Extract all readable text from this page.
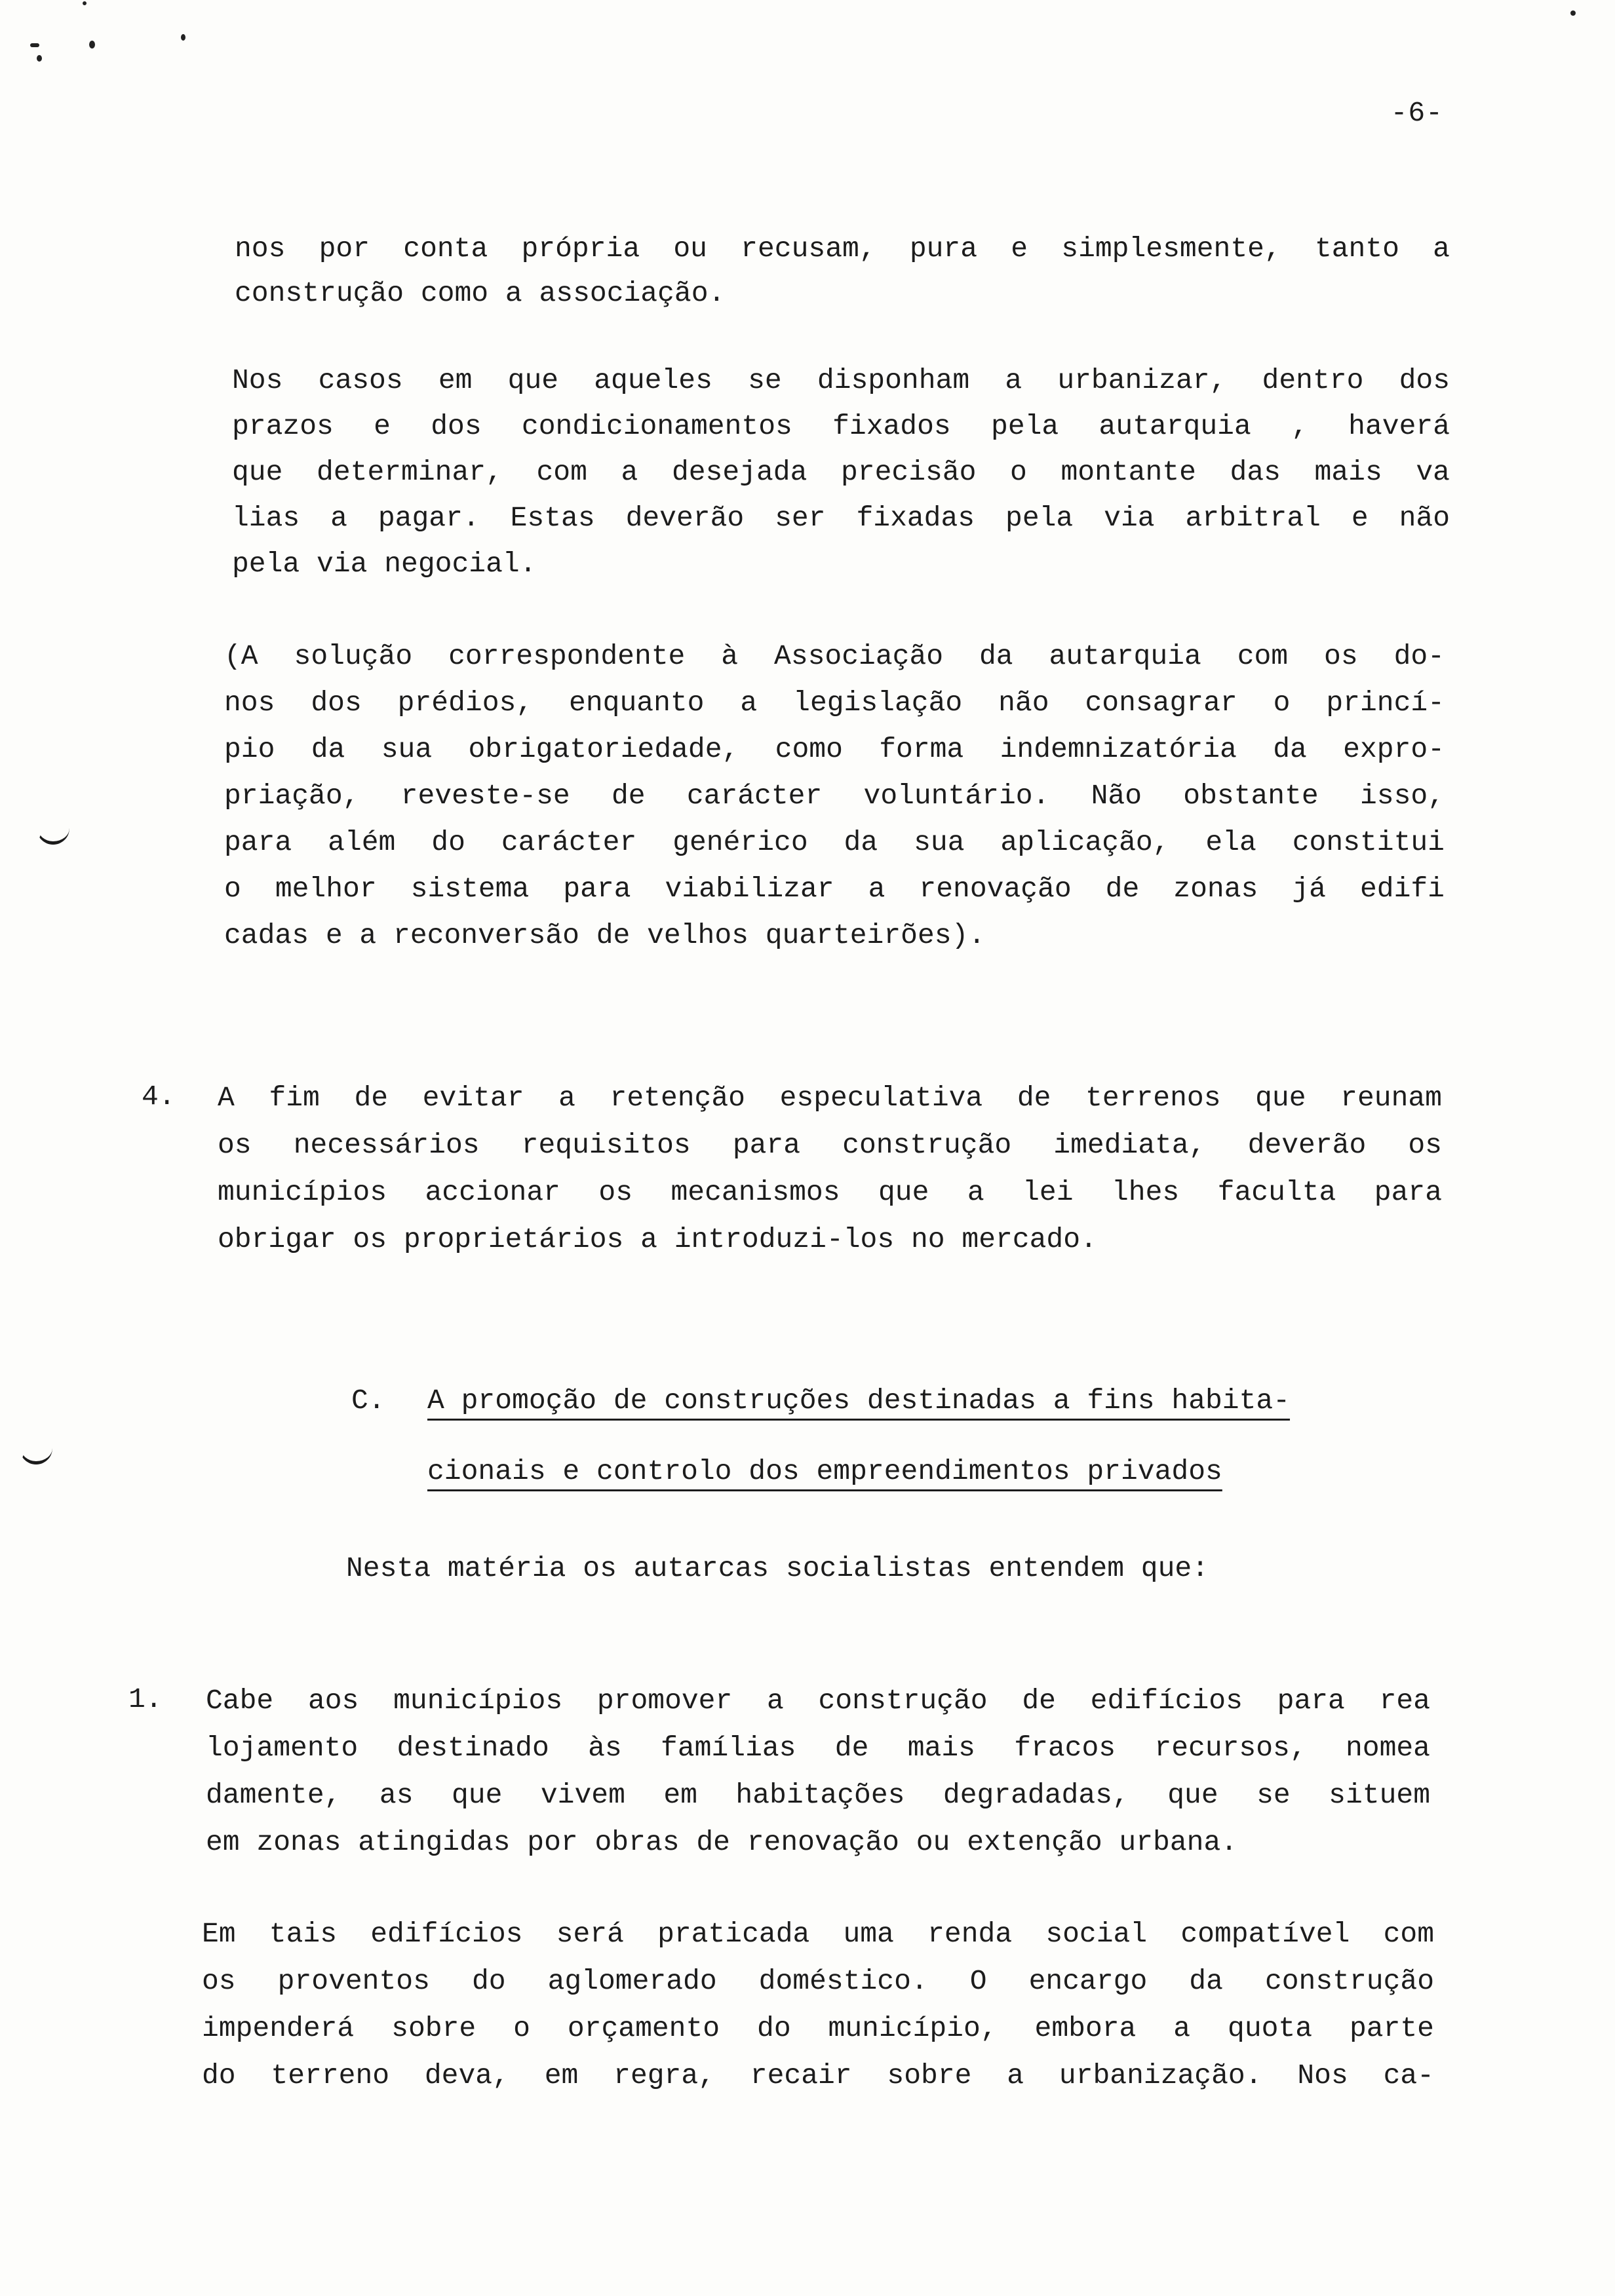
-6-

nos por conta própria ou recusam, pura e simplesmente, tanto a
construção como a associação.

Nos casos em que aqueles se disponham a urbanizar, dentro dos
prazos e dos condicionamentos fixados pela autarquia , haverá
que determinar, com a desejada precisão o montante das mais va
lias a pagar. Estas deverão ser fixadas pela via arbitral e não
pela via negocial.

(A solução correspondente à Associação da autarquia com os do-
nos dos prédios, enquanto a legislação não consagrar o princí-
pio da sua obrigatoriedade, como forma indemnizatória da expro-
priação, reveste-se de carácter voluntário. Não obstante isso,
para além do carácter genérico da sua aplicação, ela constitui
o melhor sistema para viabilizar a renovação de zonas já edifi
cadas e a reconversão de velhos quarteirões).

4. A fim de evitar a retenção especulativa de terrenos que reunam
os necessários requisitos para construção imediata, deverão os
municípios accionar os mecanismos que a lei lhes faculta para
obrigar os proprietários a introduzi-los no mercado.

C. A promoção de construções destinadas a fins habita-
cionais e controlo dos empreendimentos privados

Nesta matéria os autarcas socialistas entendem que:

1. Cabe aos municípios promover a construção de edifícios para rea
lojamento destinado às famílias de mais fracos recursos, nomea
damente, as que vivem em habitações degradadas, que se situem
em zonas atingidas por obras de renovação ou extenção urbana.

Em tais edifícios será praticada uma renda social compatível com
os proventos do aglomerado doméstico. O encargo da construção
impenderá sobre o orçamento do município, embora a quota parte
do terreno deva, em regra, recair sobre a urbanização. Nos ca-
